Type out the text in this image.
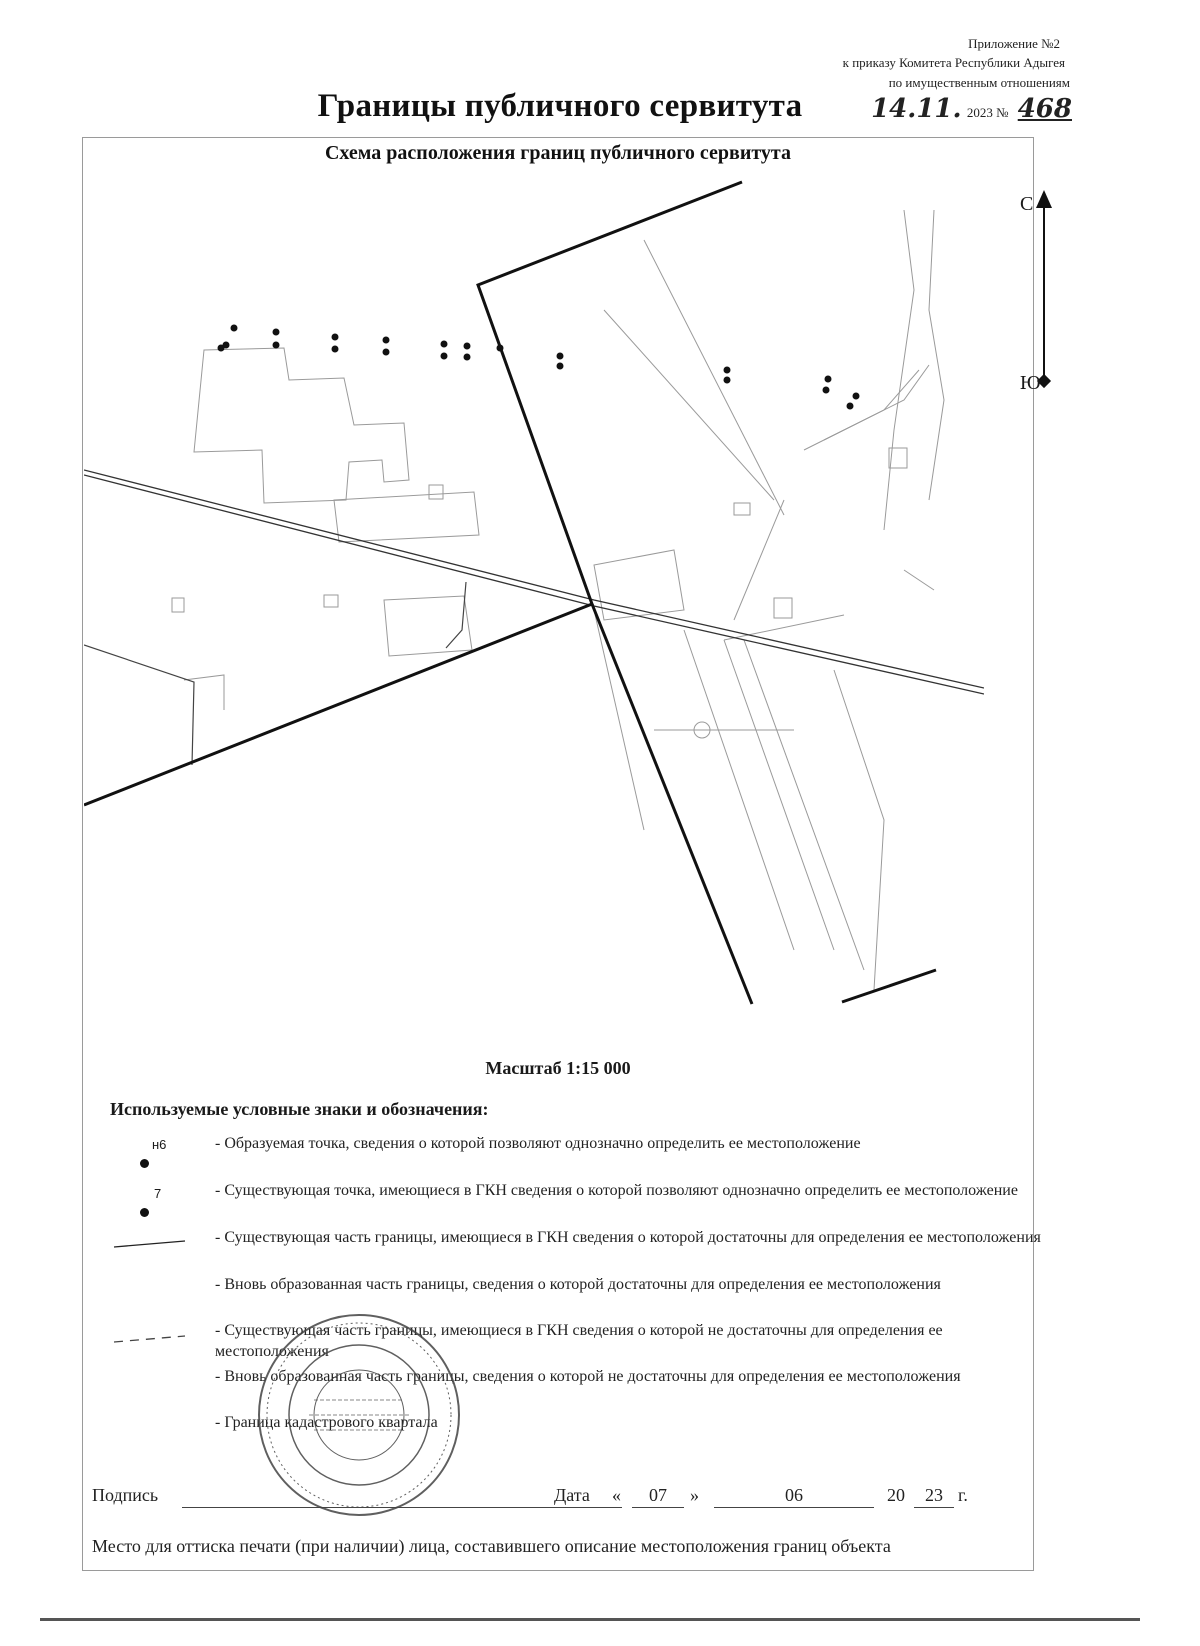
Приложение №2
к приказу Комитета Республики Адыгея
по имущественным отношениям
14.11. 2023 № 468
Границы публичного сервитута
Схема расположения границ публичного сервитута
С
Ю
Масштаб 1:15 000
Используемые условные знаки и обозначения:
н6	- Образуемая точка, сведения о которой позволяют однозначно определить ее местоположение
7	- Существующая точка, имеющиеся в ГКН сведения о которой позволяют однозначно определить ее местоположение
- Существующая часть границы, имеющиеся в ГКН сведения о которой достаточны для определения ее местоположения
- Вновь образованная часть границы, сведения о которой достаточны для определения ее местоположения
- Существующая часть границы, имеющиеся в ГКН сведения о которой не достаточны для определения ее местоположения
- Вновь образованная часть границы, сведения о которой не достаточны для определения ее местоположения
- Граница кадастрового квартала
Подпись	Дата «	07	»	06	20	23 г.
Место для оттиска печати (при наличии) лица, составившего описание местоположения границ объекта
